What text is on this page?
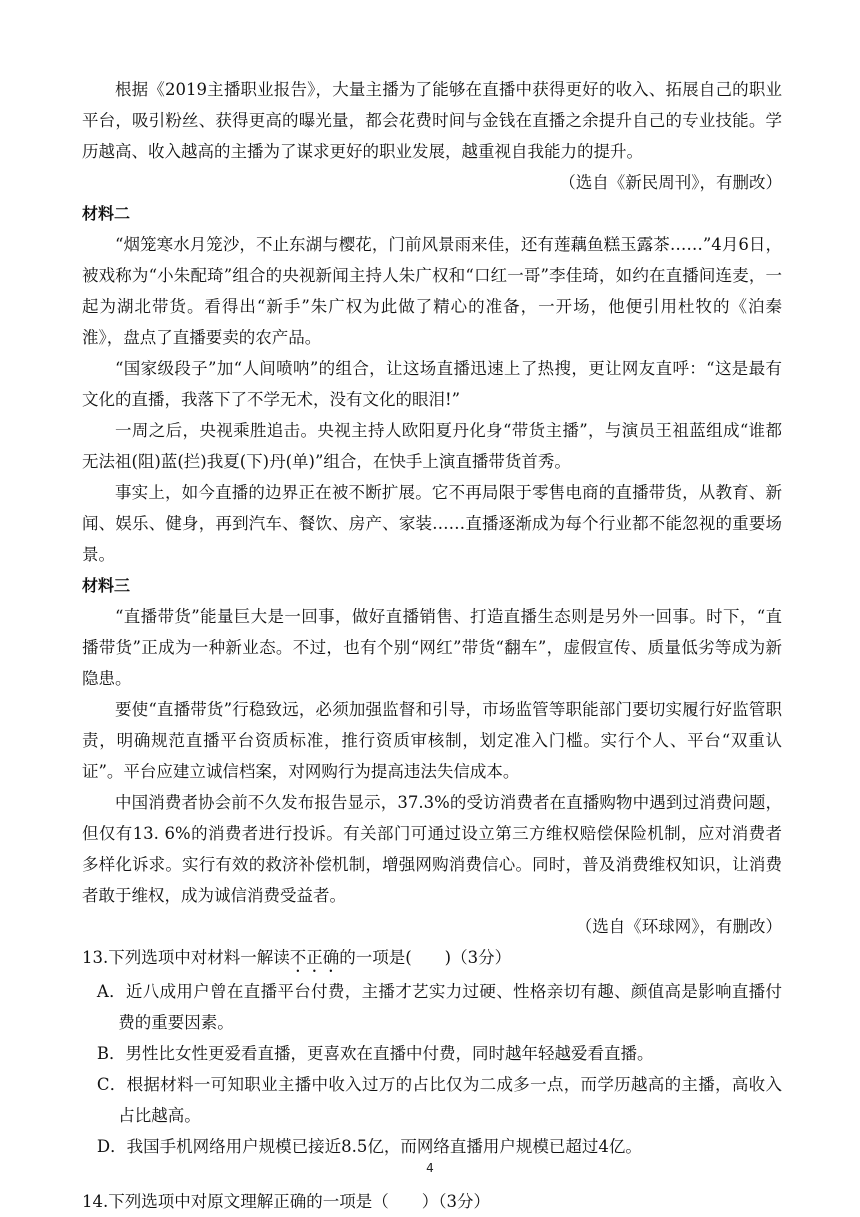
根据《2019主播职业报告》，大量主播为了能够在直播中获得更好的收入、拓展自己的职业平台，吸引粉丝、获得更高的曝光量，都会花费时间与金钱在直播之余提升自己的专业技能。学历越高、收入越高的主播为了谋求更好的职业发展，越重视自我能力的提升。

（选自《新民周刊》，有删改）

材料二

“烟笼寒水月笼沙，不止东湖与樱花，门前风景雨来佳，还有莲藕鱼糕玉露茶……”4月6日，被戏称为“小朱配琦”组合的央视新闻主持人朱广权和“口红一哥”李佳琦，如约在直播间连麦，一起为湖北带货。看得出“新手”朱广权为此做了精心的准备，一开场，他便引用杜牧的《泊秦淮》，盘点了直播要卖的农产品。

“国家级段子”加“人间喷呐”的组合，让这场直播迅速上了热搜，更让网友直呼：“这是最有文化的直播，我落下了不学无术，没有文化的眼泪!”

一周之后，央视乘胜追击。央视主持人欧阳夏丹化身“带货主播”，与演员王祖蓝组成“谁都无法祖(阻)蓝(拦)我夏(下)丹(单)”组合，在快手上演直播带货首秀。

事实上，如今直播的边界正在被不断扩展。它不再局限于零售电商的直播带货，从教育、新闻、娱乐、健身，再到汽车、餐饮、房产、家装……直播逐渐成为每个行业都不能忽视的重要场景。

材料三

“直播带货”能量巨大是一回事，做好直播销售、打造直播生态则是另外一回事。时下，“直播带货”正成为一种新业态。不过，也有个别“网红”带货“翻车”，虚假宣传、质量低劣等成为新隐患。

要使“直播带货”行稳致远，必须加强监督和引导，市场监管等职能部门要切实履行好监管职责，明确规范直播平台资质标准，推行资质审核制，划定准入门槛。实行个人、平台“双重认证”。平台应建立诚信档案，对网购行为提高违法失信成本。

中国消费者协会前不久发布报告显示，37.3%的受访消费者在直播购物中遇到过消费问题，但仅有13. 6%的消费者进行投诉。有关部门可通过设立第三方维权赔偿保险机制，应对消费者多样化诉求。实行有效的救济补偿机制，增强网购消费信心。同时，普及消费维权知识，让消费者敢于维权，成为诚信消费受益者。

（选自《环球网》，有删改）

13.下列选项中对材料一解读不正确的一项是(　　)（3分）

A．近八成用户曾在直播平台付费，主播才艺实力过硬、性格亲切有趣、颜值高是影响直播付费的重要因素。

B．男性比女性更爱看直播，更喜欢在直播中付费，同时越年轻越爱看直播。

C．根据材料一可知职业主播中收入过万的占比仅为二成多一点，而学历越高的主播，高收入占比越高。

D．我国手机网络用户规模已接近8.5亿，而网络直播用户规模已超过4亿。

14.下列选项中对原文理解正确的一项是（　　）（3分）

4
